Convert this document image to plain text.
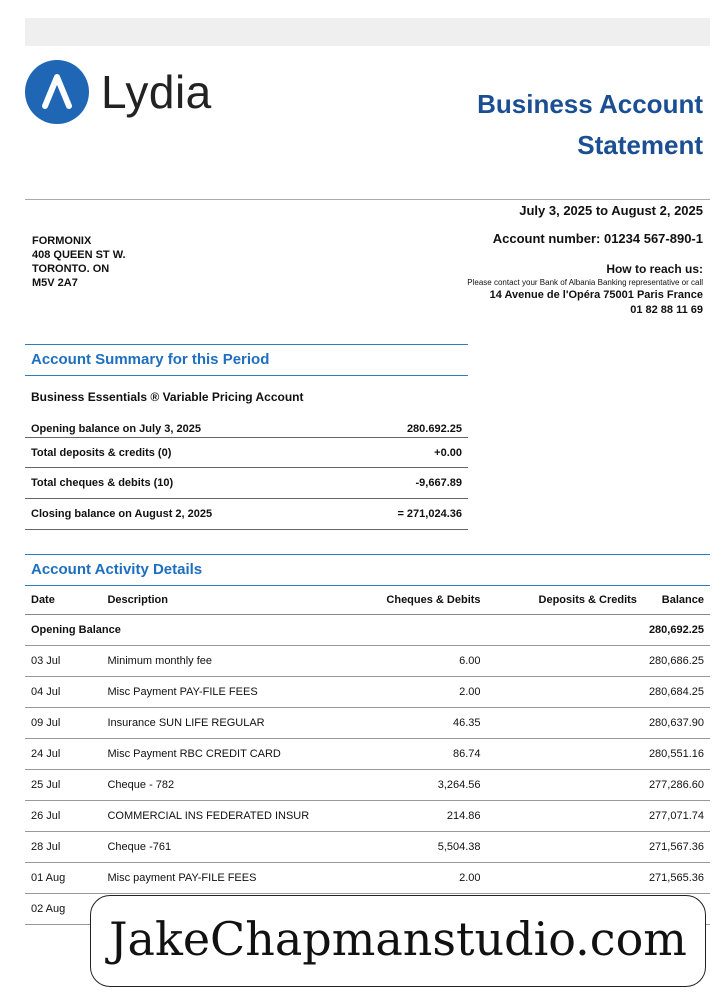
Lydia	Business Account
Statement
July 3, 2025 to August 2, 2025
Account number: 01234 567-890-1
FORMONIX
408 QUEEN ST W.
TORONTO. ON
M5V 2A7
How to reach us:
Please contact your Bank of Albania Banking representative or call
14 Avenue de l'Opéra 75001 Paris France
01 82 88 11 69
Account Summary for this Period
Business Essentials ® Variable Pricing Account
Opening balance on July 3, 2025	280.692.25
Total deposits & credits (0)	+0.00
Total cheques & debits (10)	-9,667.89
Closing balance on August 2, 2025	= 271,024.36
Account Activity Details
Date	Description	Cheques & Debits	Deposits & Credits	Balance
Opening Balance				280,692.25
03 Jul	Minimum monthly fee	6.00		280,686.25
04 Jul	Misc Payment PAY-FILE FEES	2.00		280,684.25
09 Jul	Insurance SUN LIFE REGULAR	46.35		280,637.90
24 Jul	Misc Payment RBC CREDIT CARD	86.74		280,551.16
25 Jul	Cheque - 782	3,264.56		277,286.60
26 Jul	COMMERCIAL INS FEDERATED INSUR	214.86		277,071.74
28 Jul	Cheque -761	5,504.38		271,567.36
01 Aug	Misc payment PAY-FILE FEES	2.00		271,565.36
02 Aug				
JakeChapmanstudio.com
